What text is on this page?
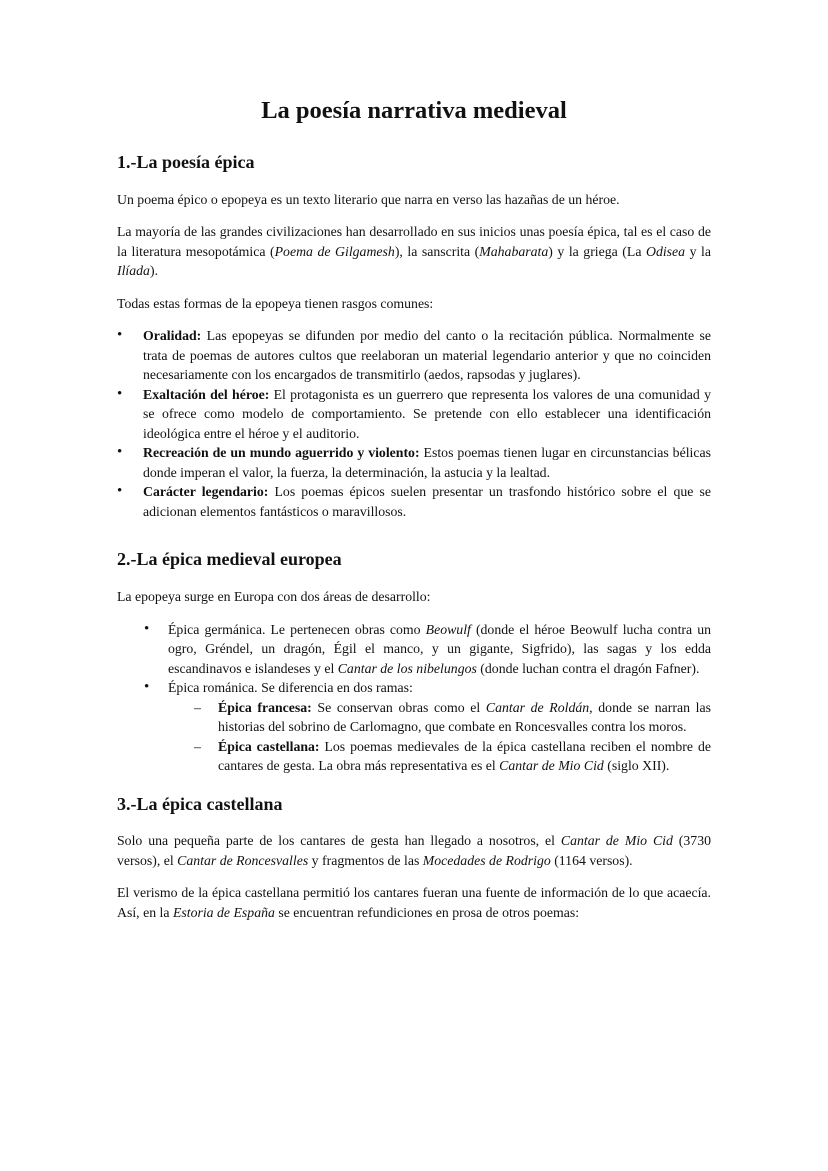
La poesía narrativa medieval
1.-La poesía épica

Un poema épico o epopeya es un texto literario que narra en verso las hazañas de un héroe.

La mayoría de las grandes civilizaciones han desarrollado en sus inicios unas poesía épica, tal es el caso de la literatura mesopotámica (Poema de Gilgamesh), la sanscrita (Mahabarata) y la griega (La Odisea y la Ilíada).

Todas estas formas de la epopeya tienen rasgos comunes:

• Oralidad: Las epopeyas se difunden por medio del canto o la recitación pública. Normalmente se trata de poemas de autores cultos que reelaboran un material legendario anterior y que no coinciden necesariamente con los encargados de transmitirlo (aedos, rapsodas y juglares).
• Exaltación del héroe: El protagonista es un guerrero que representa los valores de una comunidad y se ofrece como modelo de comportamiento. Se pretende con ello establecer una identificación ideológica entre el héroe y el auditorio.
• Recreación de un mundo aguerrido y violento: Estos poemas tienen lugar en circunstancias bélicas donde imperan el valor, la fuerza, la determinación, la astucia y la lealtad.
• Carácter legendario: Los poemas épicos suelen presentar un trasfondo histórico sobre el que se adicionan elementos fantásticos o maravillosos.
2.-La épica medieval europea

La epopeya surge en Europa con dos áreas de desarrollo:

• Épica germánica. Le pertenecen obras como Beowulf (donde el héroe Beowulf lucha contra un ogro, Gréndel, un dragón, Égil el manco, y un gigante, Sigfrido), las sagas y los edda escandinavos e islandeses y el Cantar de los nibelungos (donde luchan contra el dragón Fafner).
• Épica románica. Se diferencia en dos ramas:
– Épica francesa: Se conservan obras como el Cantar de Roldán, donde se narran las historias del sobrino de Carlomagno, que combate en Roncesvalles contra los moros.
– Épica castellana: Los poemas medievales de la épica castellana reciben el nombre de cantares de gesta. La obra más representativa es el Cantar de Mio Cid (siglo XII).
3.-La épica castellana

Solo una pequeña parte de los cantares de gesta han llegado a nosotros, el Cantar de Mio Cid (3730 versos), el Cantar de Roncesvalles y fragmentos de las Mocedades de Rodrigo (1164 versos).

El verismo de la épica castellana permitió los cantares fueran una fuente de información de lo que acaecía. Así, en la Estoria de España se encuentran refundiciones en prosa de otros poemas:
